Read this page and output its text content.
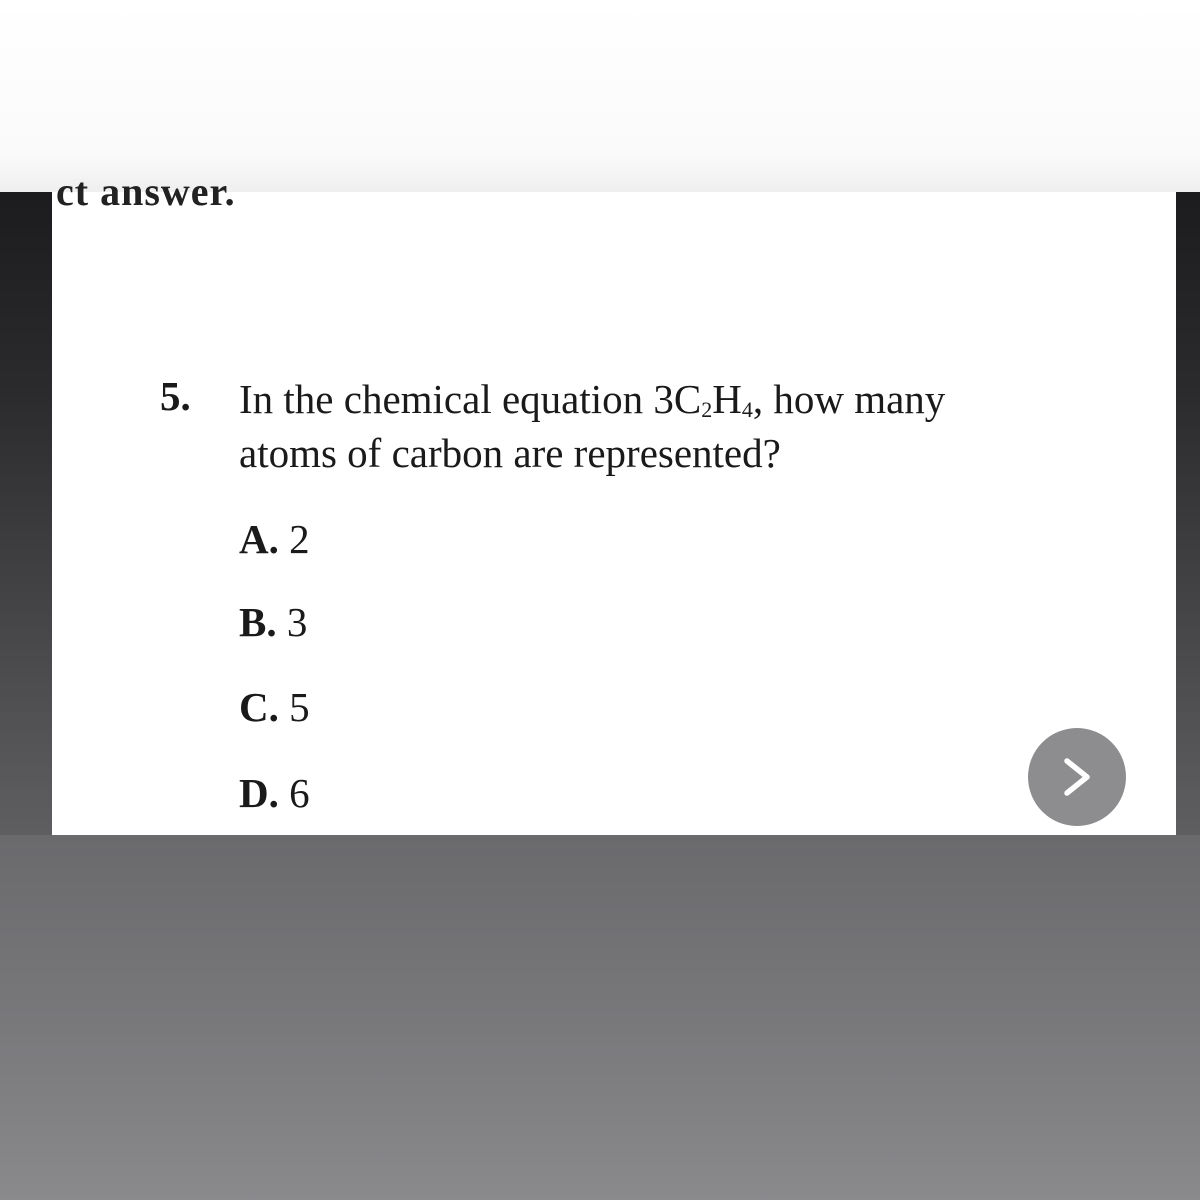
ct answer.
5. In the chemical equation $3C_2H_4$, how many
atoms of carbon are represented?
A. 2
B. 3
C. 5
D. 6
